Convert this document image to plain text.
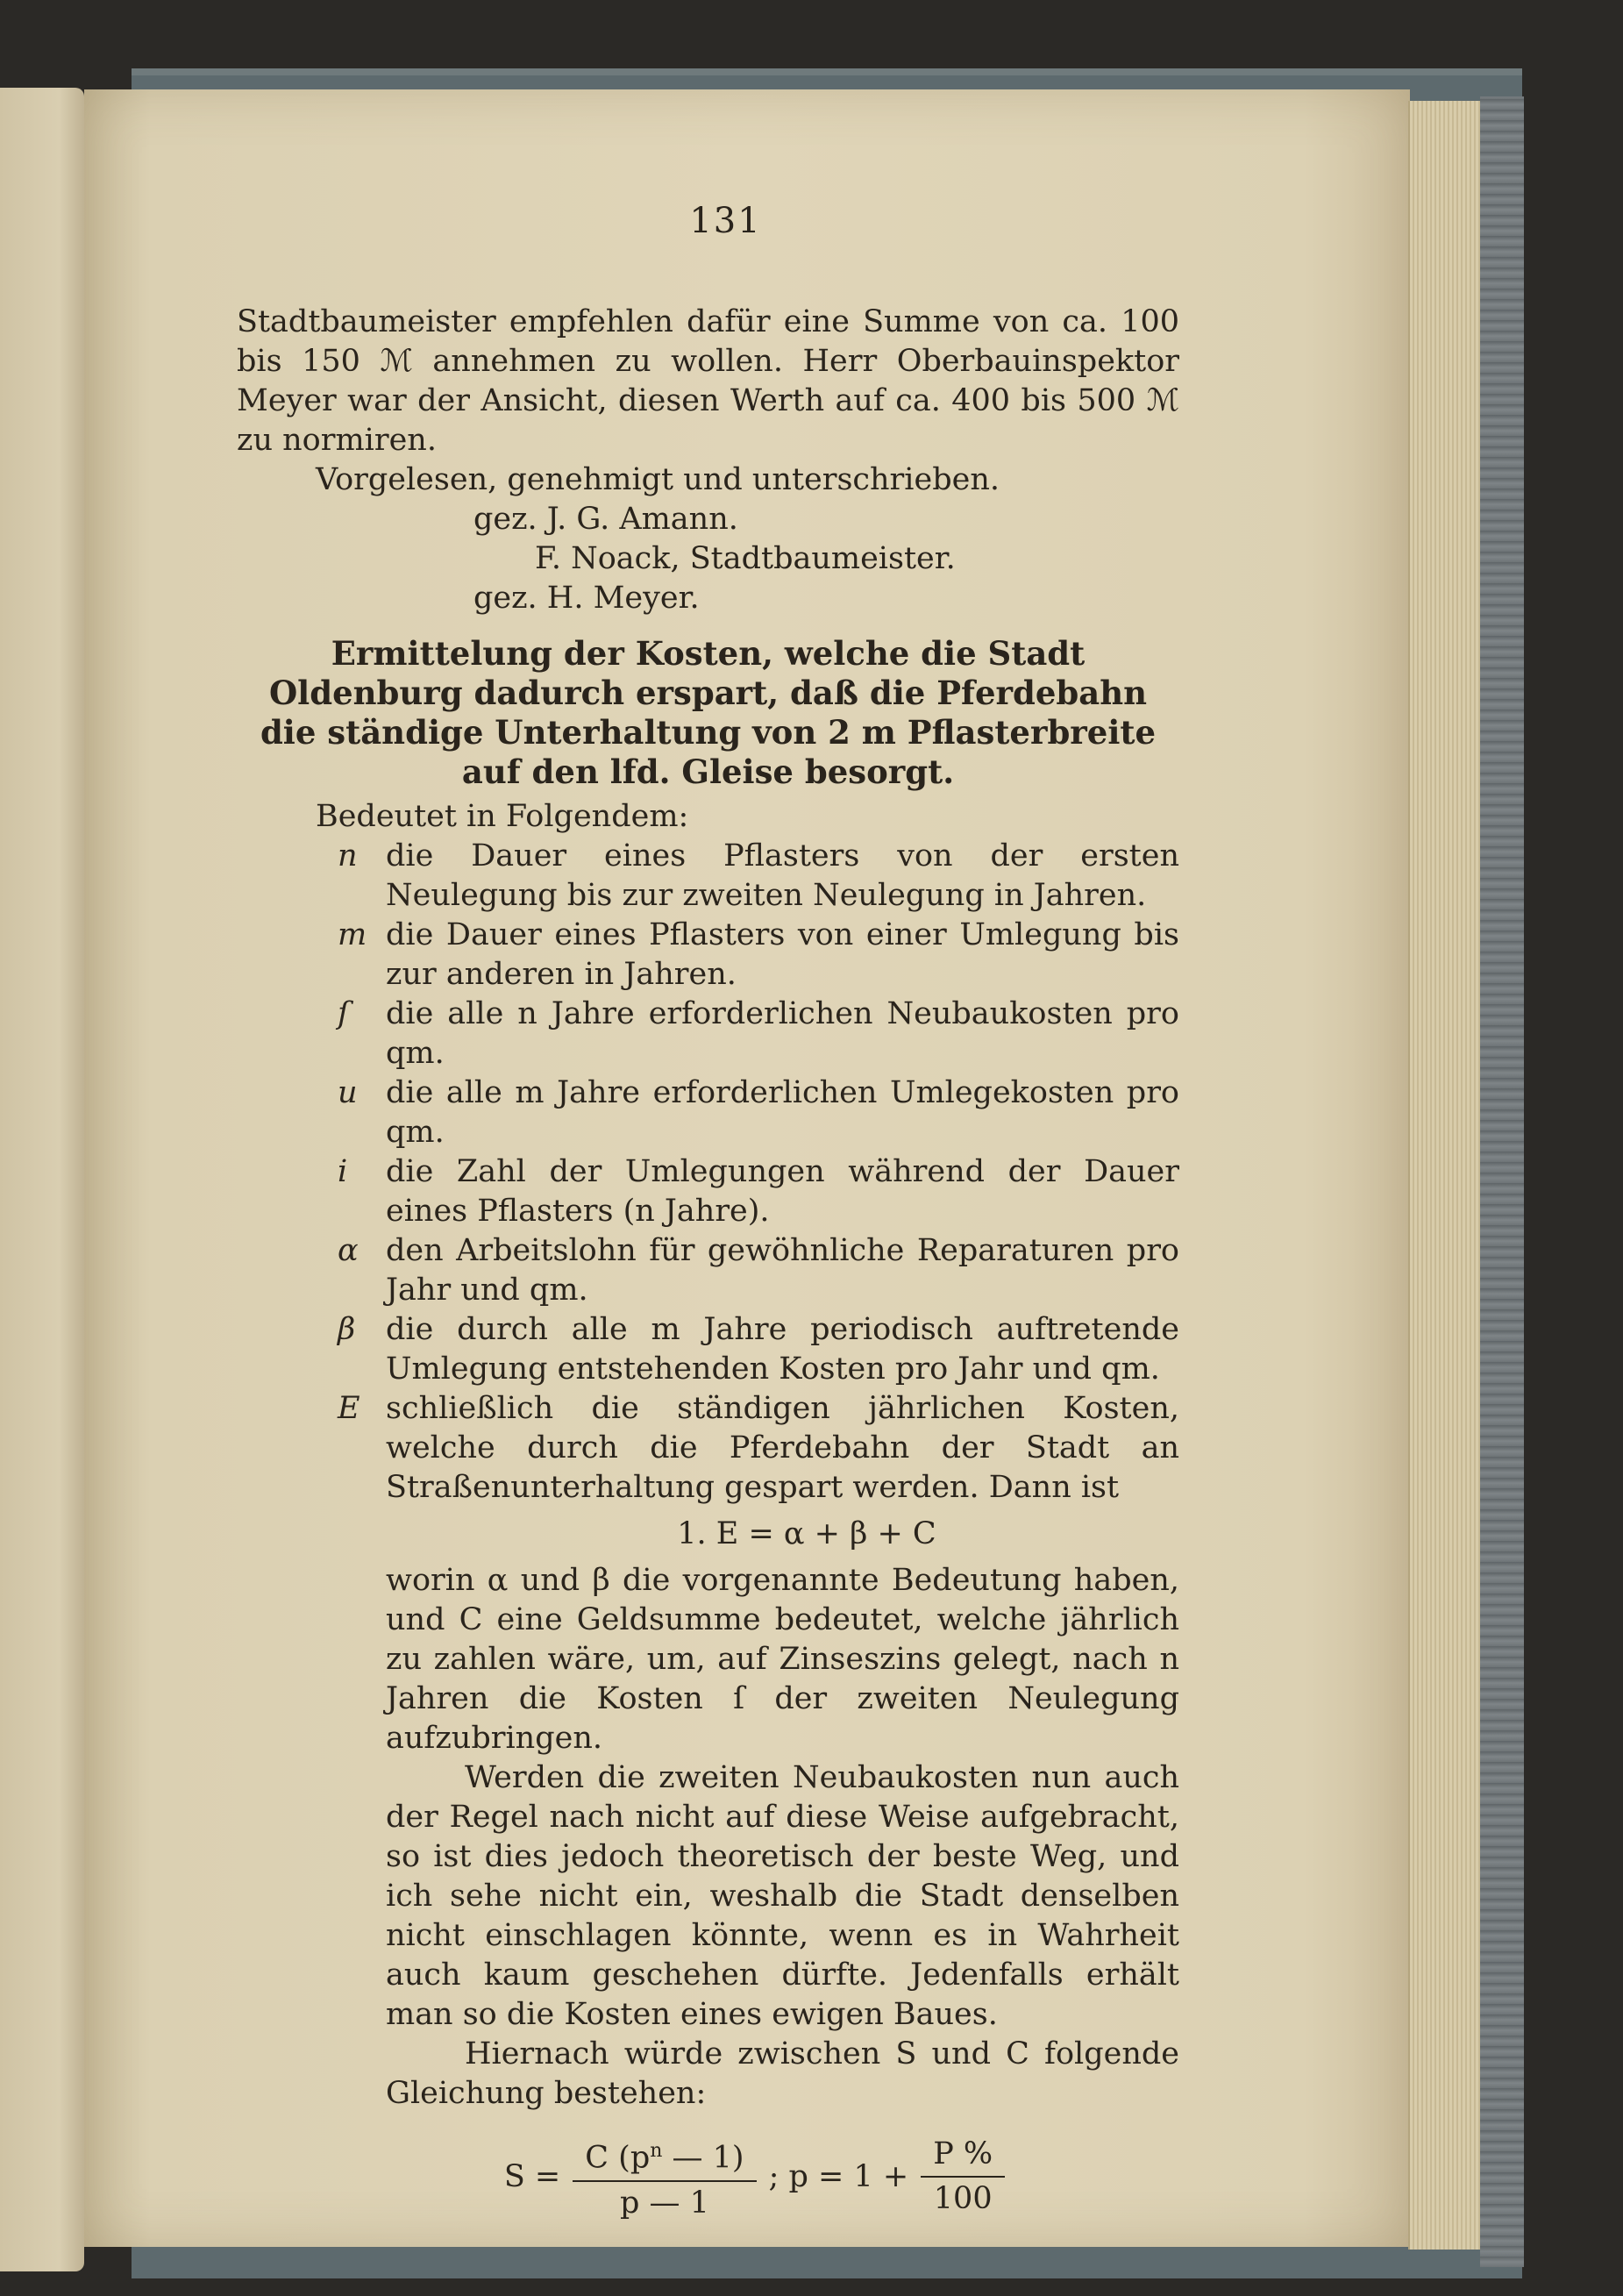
131

Stadtbaumeister empfehlen dafür eine Summe von ca. 100 bis 150 ℳ annehmen zu wollen. Herr Oberbauinspektor Meyer war der Ansicht, diesen Werth auf ca. 400 bis 500 ℳ zu normiren.

Vorgelesen, genehmigt und unterschrieben.

gez. J. G. Amann.

F. Noack, Stadtbaumeister.

gez. H. Meyer.

Ermittelung der Kosten, welche die Stadt Oldenburg dadurch erspart, daß die Pferdebahn die ständige Unterhaltung von 2 m Pflasterbreite auf den lfd. Gleise besorgt.

Bedeutet in Folgendem:

n die Dauer eines Pflasters von der ersten Neulegung bis zur zweiten Neulegung in Jahren.
m die Dauer eines Pflasters von einer Umlegung bis zur anderen in Jahren.
ſ	die alle n Jahre erforderlichen Neubaukosten pro qm.
u die alle m Jahre erforderlichen Umlegekosten pro qm.
i	die Zahl der Umlegungen während der Dauer eines Pflasters (n Jahre).
α den Arbeitslohn für gewöhnliche Reparaturen pro Jahr und qm.
β die durch alle m Jahre periodisch auftretende Umlegung entstehenden Kosten pro Jahr und qm.
E schließlich die ständigen jährlichen Kosten, welche durch die Pferdebahn der Stadt an Straßenunterhaltung gespart werden. Dann ist

1. E = α + β + C

worin α und β die vorgenannte Bedeutung haben, und C eine Geldsumme bedeutet, welche jährlich zu zahlen wäre, um, auf Zinseszins gelegt, nach n Jahren die Kosten ſ der zweiten Neulegung aufzubringen.

Werden die zweiten Neubaukosten nun auch der Regel nach nicht auf diese Weise aufgebracht, so ist dies jedoch theoretisch der beste Weg, und ich sehe nicht ein, weshalb die Stadt denselben nicht einschlagen könnte, wenn es in Wahrheit auch kaum geschehen dürfte. Jedenfalls erhält man so die Kosten eines ewigen Baues.

Hiernach würde zwischen S und C folgende Gleichung bestehen:

$S = \frac{C (p^n — 1)}{p — 1}$ ; $p = 1 + \frac{P \%}{100}$
